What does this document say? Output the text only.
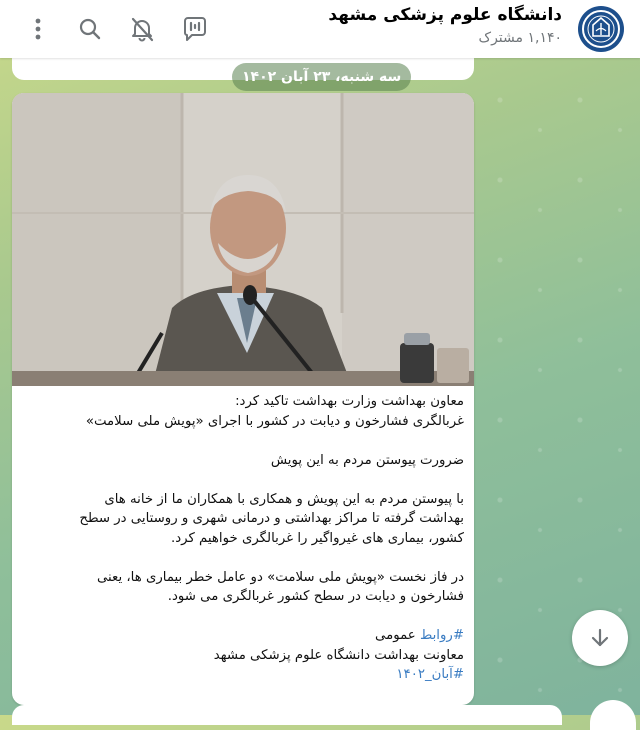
دانشگاه علوم پزشکی مشهد
۱,۱۴۰ مشترک
سه شنبه، ۲۳ آبان ۱۴۰۲

معاون بهداشت وزارت بهداشت تاکید کرد:

غربالگری فشارخون و دیابت در کشور با اجرای «پویش ملی سلامت»

ضرورت پیوستن مردم به این پویش

با پیوستن مردم به این پویش و همکاری با همکاران ما از خانه های

بهداشت گرفته تا مراکز بهداشتی و درمانی شهری و روستایی در سطح

کشور، بیماری های غیرواگیر را غربالگری خواهیم کرد.

در فاز نخست «پویش ملی سلامت» دو عامل خطر بیماری ها، یعنی

فشارخون و دیابت در سطح کشور غربالگری می شود.

#روابط عمومی

معاونت بهداشت دانشگاه علوم پزشکی مشهد

#آبان_۱۴۰۲
